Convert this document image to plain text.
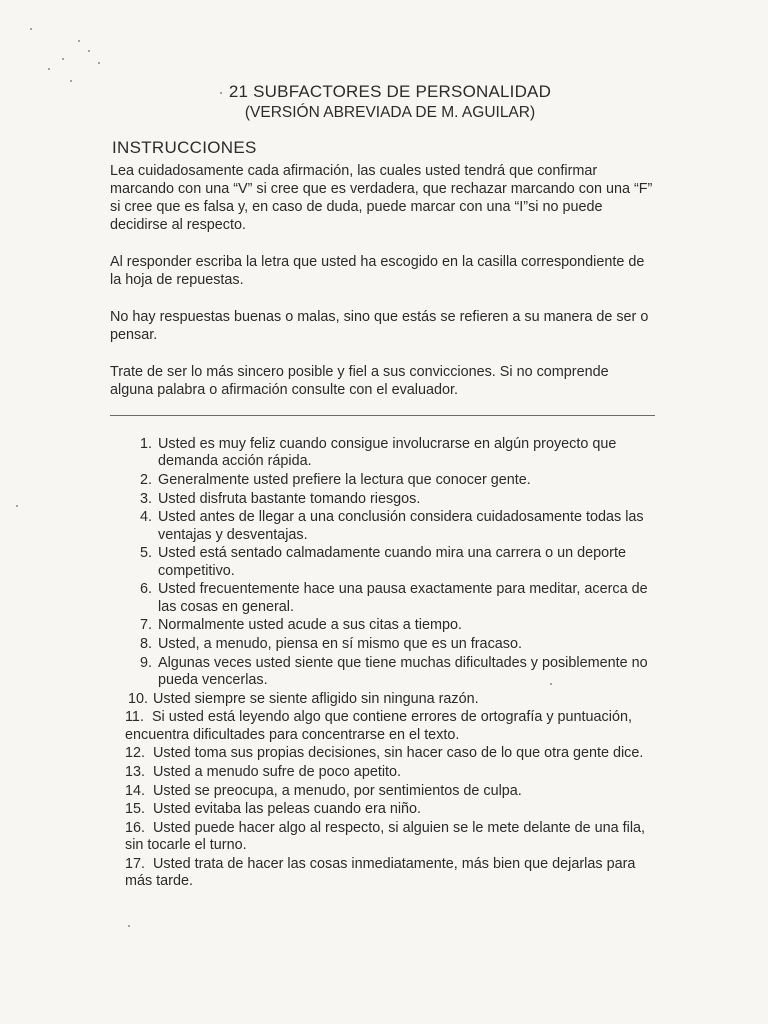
21 SUBFACTORES DE PERSONALIDAD
(VERSIÓN ABREVIADA DE M. AGUILAR)
INSTRUCCIONES
Lea cuidadosamente cada afirmación, las cuales usted tendrá que confirmar marcando con una “V” si cree que es verdadera, que rechazar marcando con una “F” si cree que es falsa y, en caso de duda, puede marcar con una “I”si no puede decidirse al respecto.
Al responder escriba la letra que usted ha escogido en la casilla correspondiente de la hoja de repuestas.
No hay respuestas buenas o malas, sino que estás se refieren a su manera de ser o pensar.
Trate de ser lo más sincero posible y fiel a sus convicciones. Si no comprende alguna palabra o afirmación consulte con el evaluador.
1. Usted es muy feliz cuando consigue involucrarse en algún proyecto que demanda acción rápida.
2. Generalmente usted prefiere la lectura que conocer gente.
3. Usted disfruta bastante tomando riesgos.
4. Usted antes de llegar a una conclusión considera cuidadosamente todas las ventajas y desventajas.
5. Usted está sentado calmadamente cuando mira una carrera o un deporte competitivo.
6. Usted frecuentemente hace una pausa exactamente para meditar, acerca de las cosas en general.
7. Normalmente usted acude a sus citas a tiempo.
8. Usted, a menudo, piensa en sí mismo que es un fracaso.
9. Algunas veces usted siente que tiene muchas dificultades y posiblemente no pueda vencerlas.
10. Usted siempre se siente afligido sin ninguna razón.
11. Si usted está leyendo algo que contiene errores de ortografía y puntuación, encuentra dificultades para concentrarse en el texto.
12. Usted toma sus propias decisiones, sin hacer caso de lo que otra gente dice.
13. Usted a menudo sufre de poco apetito.
14. Usted se preocupa, a menudo, por sentimientos de culpa.
15. Usted evitaba las peleas cuando era niño.
16. Usted puede hacer algo al respecto, si alguien se le mete delante de una fila, sin tocarle el turno.
17. Usted trata de hacer las cosas inmediatamente, más bien que dejarlas para más tarde.
